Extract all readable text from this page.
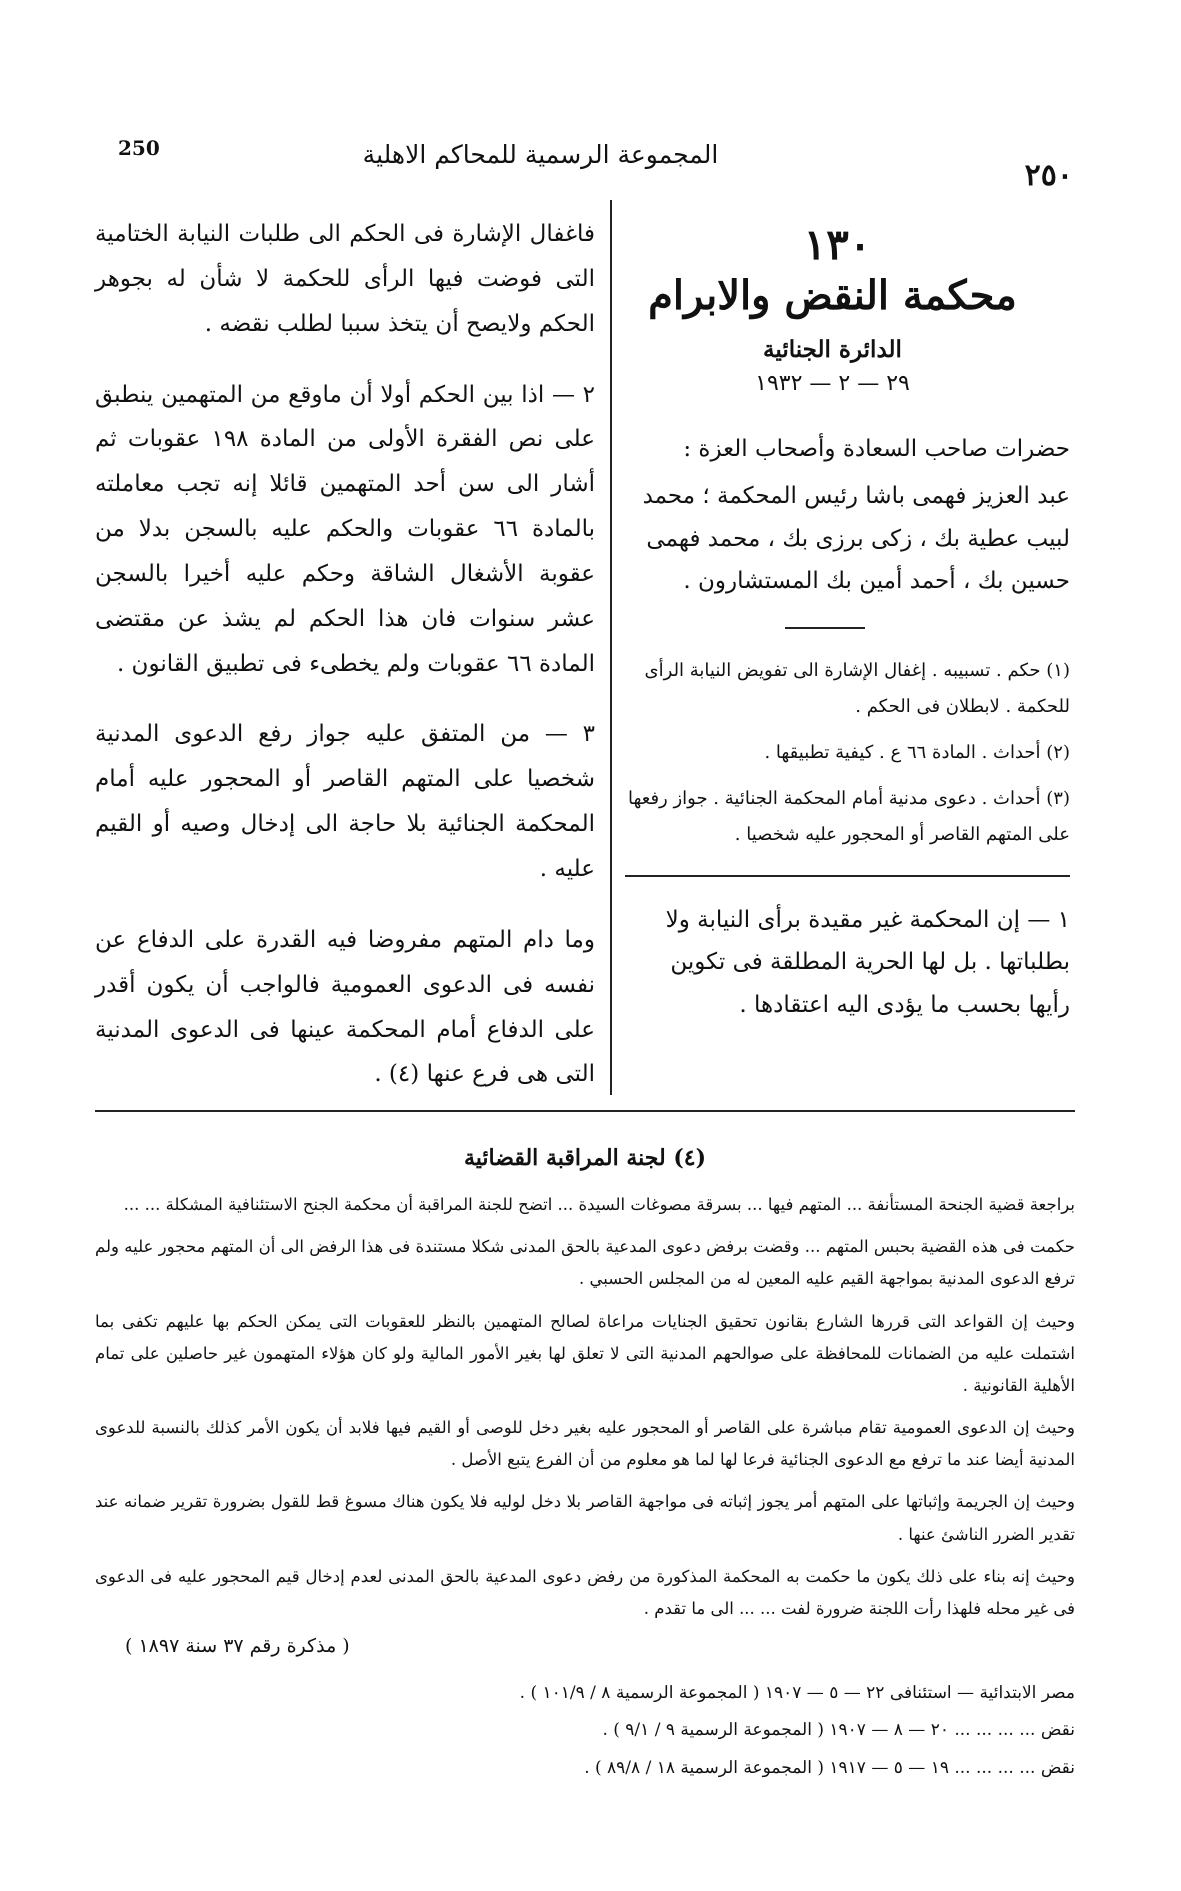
٢٥٠
المجموعة الرسمية للمحاكم الاهلية
250
١٣٠
محكمة النقض والابرام
الدائرة الجنائية
٢٩ — ٢ — ١٩٣٢
حضرات صاحب السعادة وأصحاب العزة :
عبد العزيز فهمى باشا رئيس المحكمة ؛ محمد لبيب عطية بك ، زكى برزى بك ، محمد فهمى حسين بك ، أحمد أمين بك المستشارون .

(١) حكم . تسبيبه . إغفال الإشارة الى تفويض النيابة الرأى للحكمة . لابطلان فى الحكم .

(٢) أحداث . المادة ٦٦ ع . كيفية تطبيقها .

(٣) أحداث . دعوى مدنية أمام المحكمة الجنائية . جواز رفعها على المتهم القاصر أو المحجور عليه شخصيا .

١ — إن المحكمة غير مقيدة برأى النيابة ولا بطلباتها . بل لها الحرية المطلقة فى تكوين رأيها بحسب ما يؤدى اليه اعتقادها .

فاغفال الإشارة فى الحكم الى طلبات النيابة الختامية التى فوضت فيها الرأى للحكمة لا شأن له بجوهر الحكم ولايصح أن يتخذ سببا لطلب نقضه .

٢ — اذا بين الحكم أولا أن ماوقع من المتهمين ينطبق على نص الفقرة الأولى من المادة ١٩٨ عقوبات ثم أشار الى سن أحد المتهمين قائلا إنه تجب معاملته بالمادة ٦٦ عقوبات والحكم عليه بالسجن بدلا من عقوبة الأشغال الشاقة وحكم عليه أخيرا بالسجن عشر سنوات فان هذا الحكم لم يشذ عن مقتضى المادة ٦٦ عقوبات ولم يخطىء فى تطبيق القانون .

٣ — من المتفق عليه جواز رفع الدعوى المدنية شخصيا على المتهم القاصر أو المحجور عليه أمام المحكمة الجنائية بلا حاجة الى إدخال وصيه أو القيم عليه .

وما دام المتهم مفروضا فيه القدرة على الدفاع عن نفسه فى الدعوى العمومية فالواجب أن يكون أقدر على الدفاع أمام المحكمة عينها فى الدعوى المدنية التى هى فرع عنها (٤) .

(٤) لجنة المراقبة القضائية

براجعة قضية الجنحة المستأنفة ... المتهم فيها ... بسرقة مصوغات السيدة ... اتضح للجنة المراقبة أن محكمة الجنح الاستئنافية المشكلة ... ...

حكمت فى هذه القضية بحبس المتهم ... وقضت برفض دعوى المدعية بالحق المدنى شكلا مستندة فى هذا الرفض الى أن المتهم محجور عليه ولم ترفع الدعوى المدنية بمواجهة القيم عليه المعين له من المجلس الحسبي .

وحيث إن القواعد التى قررها الشارع بقانون تحقيق الجنايات مراعاة لصالح المتهمين بالنظر للعقوبات التى يمكن الحكم بها عليهم تكفى بما اشتملت عليه من الضمانات للمحافظة على صوالحهم المدنية التى لا تعلق لها بغير الأمور المالية ولو كان هؤلاء المتهمون غير حاصلين على تمام الأهلية القانونية .

وحيث إن الدعوى العمومية تقام مباشرة على القاصر أو المحجور عليه بغير دخل للوصى أو القيم فيها فلابد أن يكون الأمر كذلك بالنسبة للدعوى المدنية أيضا عند ما ترفع مع الدعوى الجنائية فرعا لها لما هو معلوم من أن الفرع يتبع الأصل .

وحيث إن الجريمة وإثباتها على المتهم أمر يجوز إثباته فى مواجهة القاصر بلا دخل لوليه فلا يكون هناك مسوغ قط للقول بضرورة تقرير ضمانه عند تقدير الضرر الناشئ عنها .

وحيث إنه بناء على ذلك يكون ما حكمت به المحكمة المذكورة من رفض دعوى المدعية بالحق المدنى لعدم إدخال قيم المحجور عليه فى الدعوى فى غير محله فلهذا رأت اللجنة ضرورة لفت ... ... الى ما تقدم .

( مذكرة رقم ٣٧ سنة ١٨٩٧ )
مصر الابتدائية — استئنافى ٢٢ — ٥ — ١٩٠٧ ( المجموعة الرسمية ٨ / ١٠١/٩ ) .
نقض ... ... ... ... ٢٠ — ٨ — ١٩٠٧ ( المجموعة الرسمية ٩ / ٩/١ ) .
نقض ... ... ... ... ١٩ — ٥ — ١٩١٧ ( المجموعة الرسمية ١٨ / ٨٩/٨ ) .
